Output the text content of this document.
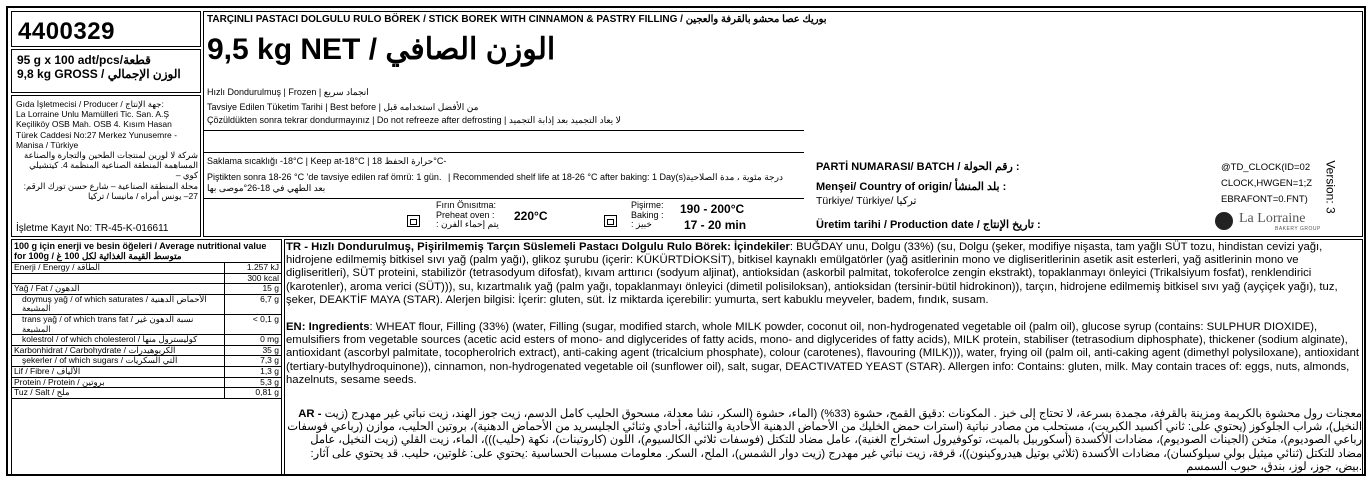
4400329
95 g x 100 adt/pcs/قطعة
9,8 kg GROSS / الوزن الإجمالي
Gıda İşletmecisi / Producer / جهة الإنتاج:
La Lorraine Unlu Mamülleri Tic. San. A.Ş
Keçiliköy OSB Mah. OSB 4. Kısım Hasan
Türek Caddesi No:27 Merkez Yunusemre -
Manisa / Türkiye
شركة لا لورين لمنتجات الطحين والتجارة والصناعة
المساهمة المنطقة الصناعية المنظمة 4. كيتشيلي كوي –
محلة المنطقة الصناعية – شارع حسن تورك الرقم:
27– يونس أمراه / مانيسا / تركيا
İşletme Kayıt No: TR-45-K-016611
TARÇINLI PASTACI DOLGULU RULO BÖREK / STICK BOREK WITH CINNAMON & PASTRY FILLING / بوريك عصا محشو بالقرفة والعجين
9,5 kg NET / الوزن الصافي
Hızlı Dondurulmuş | Frozen | انجماد سريع
Tavsiye Edilen Tüketim Tarihi | Best before | من الأفضل استخدامه قبل
Çözüldükten sonra tekrar dondurmayınız | Do not refreeze after defrosting | لا يعاد التجميد بعد إذابة التجميد
Saklama sıcaklığı -18°C | Keep at-18°C | حرارة الحفظ 18°C-
Piştikten sonra 18-26 °C 'de tavsiye edilen raf ömrü: 1 gün. | Recommended shelf life at 18-26 °C after baking: 1 Day(s).
درجة مئوية ، مدة الصلاحية
بعد الطهي في 18-26°موصى بها
Fırın Önısıtma:
Preheat oven :
يتم إحماء الفرن :
220°C
Pişirme:
Baking :
خبيز :
190 - 200°C
17 - 20 min
PARTİ NUMARASI/ BATCH / رقم الحولة :
Menşei/ Country of origin/ بلد المنشأ :
Türkiye/ Türkiye/ تركيا
Üretim tarihi / Production date / تاريخ الإنتاج :
@TD_CLOCK(ID=02
CLOCK,HWGEN=1;Z
EBRAFONT=0.FNT)	Version: 3
La Lorraine
BAKERY GROUP
100 g için enerji ve besin öğeleri / Average nutritional value for 100g / متوسط القيمة الغذائية لكل 100 غ
Enerji / Energy / الطاقة	1.257 kJ
	300 kcal
Yağ / Fat / الدهون	15 g
doymuş yağ / of which saturates / الأحماض الدهنية المشبعة	6,7 g
trans yağ / of which trans fat / نسبة الدهون غير المشبعة	< 0,1 g
kolestrol / of which cholesterol / كوليسترول منها	0 mg
Karbonhidrat / Carbohydrate / الكربوهيدرات	35 g
şekerler / of which sugars / التي السكريات	7,3 g
Lif / Fibre / الألياف	1,3 g
Protein / Protein / بروتين	5,3 g
Tuz / Salt / ملح	0,81 g
TR - Hızlı Dondurulmuş, Pişirilmemiş Tarçın Süslemeli Pastacı Dolgulu Rulo Börek: İçindekiler: BUĞDAY unu, Dolgu (33%) (su, Dolgu (şeker, modifiye nişasta, tam yağlı SÜT tozu, hindistan cevizi yağı, hidrojene edilmemiş bitkisel sıvı yağ (palm yağı), glikoz şurubu (içerir: KÜKÜRTDİOKSİT), bitkisel kaynaklı emülgatörler (yağ asitlerinin mono ve digliseritlerinin asetik asit esterleri, yağ asitlerinin mono ve digliseritleri), SÜT proteini, stabilizör (tetrasodyum difosfat), kıvam arttırıcı (sodyum aljinat), antioksidan (askorbil palmitat, tokoferolce zengin ekstrakt), topaklanmayı önleyici (Trikalsiyum fosfat), renklendirici (karotenler), aroma verici (SÜT))), su, kızartmalık yağ (palm yağı, topaklanmayı önleyici (dimetil polisiloksan), antioksidan (tersinir-bütil hidrokinon)), tarçın, hidrojene edilmemiş bitkisel sıvı yağ (ayçiçek yağı), tuz, şeker, DEAKTİF MAYA (STAR). Alerjen bilgisi: İçerir: gluten, süt. İz miktarda içerebilir: yumurta, sert kabuklu meyveler, badem, fındık, susam.
EN: Ingredients: WHEAT flour, Filling (33%) (water, Filling (sugar, modified starch, whole MILK powder, coconut oil, non-hydrogenated vegetable oil (palm oil), glucose syrup (contains: SULPHUR DIOXIDE), emulsifiers from vegetable sources (acetic acid esters of mono- and diglycerides of fatty acids, mono- and diglycerides of fatty acids), MILK protein, stabiliser (tetrasodium diphosphate), thickener (sodium alginate), antioxidant (ascorbyl palmitate, tocopherolrich extract), anti-caking agent (tricalcium phosphate), colour (carotenes), flavouring (MILK))), water, frying oil (palm oil, anti-caking agent (dimethyl polysiloxane), antioxidant (tertiary-butylhydroquinone)), cinnamon, non-hydrogenated vegetable oil (sunflower oil), salt, sugar, DEACTIVATED YEAST (STAR). Allergen info: Contains: gluten, milk. May contain traces of: eggs, nuts, almonds, hazelnuts, sesame seeds.
AR - معجنات رول محشوة بالكريمة ومزينة بالقرفة، مجمدة بسرعة، لا تحتاج إلى خبز . المكونات :دقيق القمح، حشوة (33%) (الماء، حشوة (السكر، نشا معدلة، مسحوق الحليب كامل الدسم، زيت جوز الهند، زيت نباتي غير مهدرج (زيت النخيل)، شراب الجلوكوز (يحتوي على: ثاني أكسيد الكبريت)، مستحلب من مصادر نباتية (استرات حمض الخليك من الأحماض الدهنية الأحادية والثنائية، أحادي وثنائي الجليسريد من الأحماض الدهنية)، بروتين الحليب، موازن (رباعي فوسفات رباعي الصوديوم)، متخن (الجينات الصوديوم)، مضادات الأكسدة (أسكوربيل بالميت، توكوفيرول استخراج الغنية)، عامل مضاد للتكتل (فوسفات ثلاثي الكالسيوم)، اللون (كاروتينات)، نكهة (حليب)))، الماء، زيت القلي (زيت النخيل، عامل مضاد للتكتل (ثنائي ميثيل بولي سيلوكسان)، مضادات الأكسدة (ثلاثي بوتيل هيدروكينون))، قرفة، زيت نباتي غير مهدرج (زيت دوار الشمس)، الملح، السكر. معلومات مسببات الحساسية :يحتوي على: غلوتين، حليب. قد يحتوي على آثار: بيض، جوز، لوز، بندق، حبوب السمسم.
